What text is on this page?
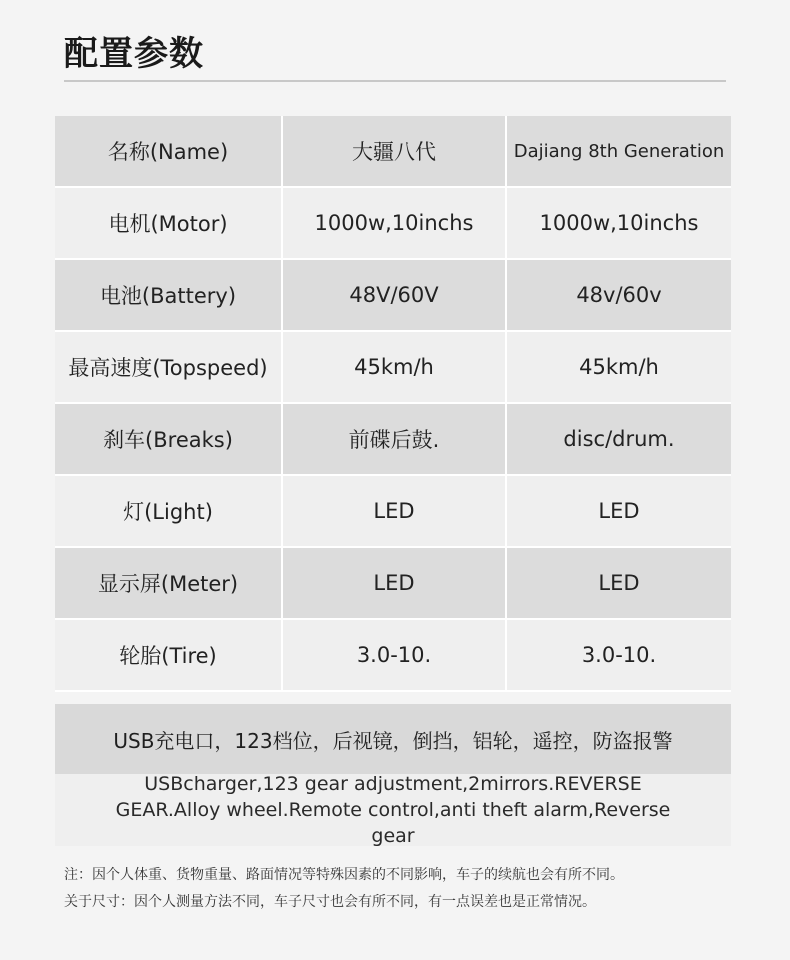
配置参数
名称(Name)	大疆八代	Dajiang 8th Generation
电机(Motor)	1000w,10inchs	1000w,10inchs
电池(Battery)	48V/60V	48v/60v
最高速度(Topspeed)	45km/h	45km/h
刹车(Breaks)	前碟后鼓.	disc/drum.
灯(Light)	LED	LED
显示屏(Meter)	LED	LED
轮胎(Tire)	3.0-10.	3.0-10.
USB充电口，123档位，后视镜，倒挡，铝轮，遥控，防盗报警
USBcharger,123 gear adjustment,2mirrors.REVERSE GEAR.Alloy wheel.Remote control,anti theft alarm,Reverse gear
注：因个人体重、货物重量、路面情况等特殊因素的不同影响，车子的续航也会有所不同。
关于尺寸：因个人测量方法不同，车子尺寸也会有所不同，有一点误差也是正常情况。
